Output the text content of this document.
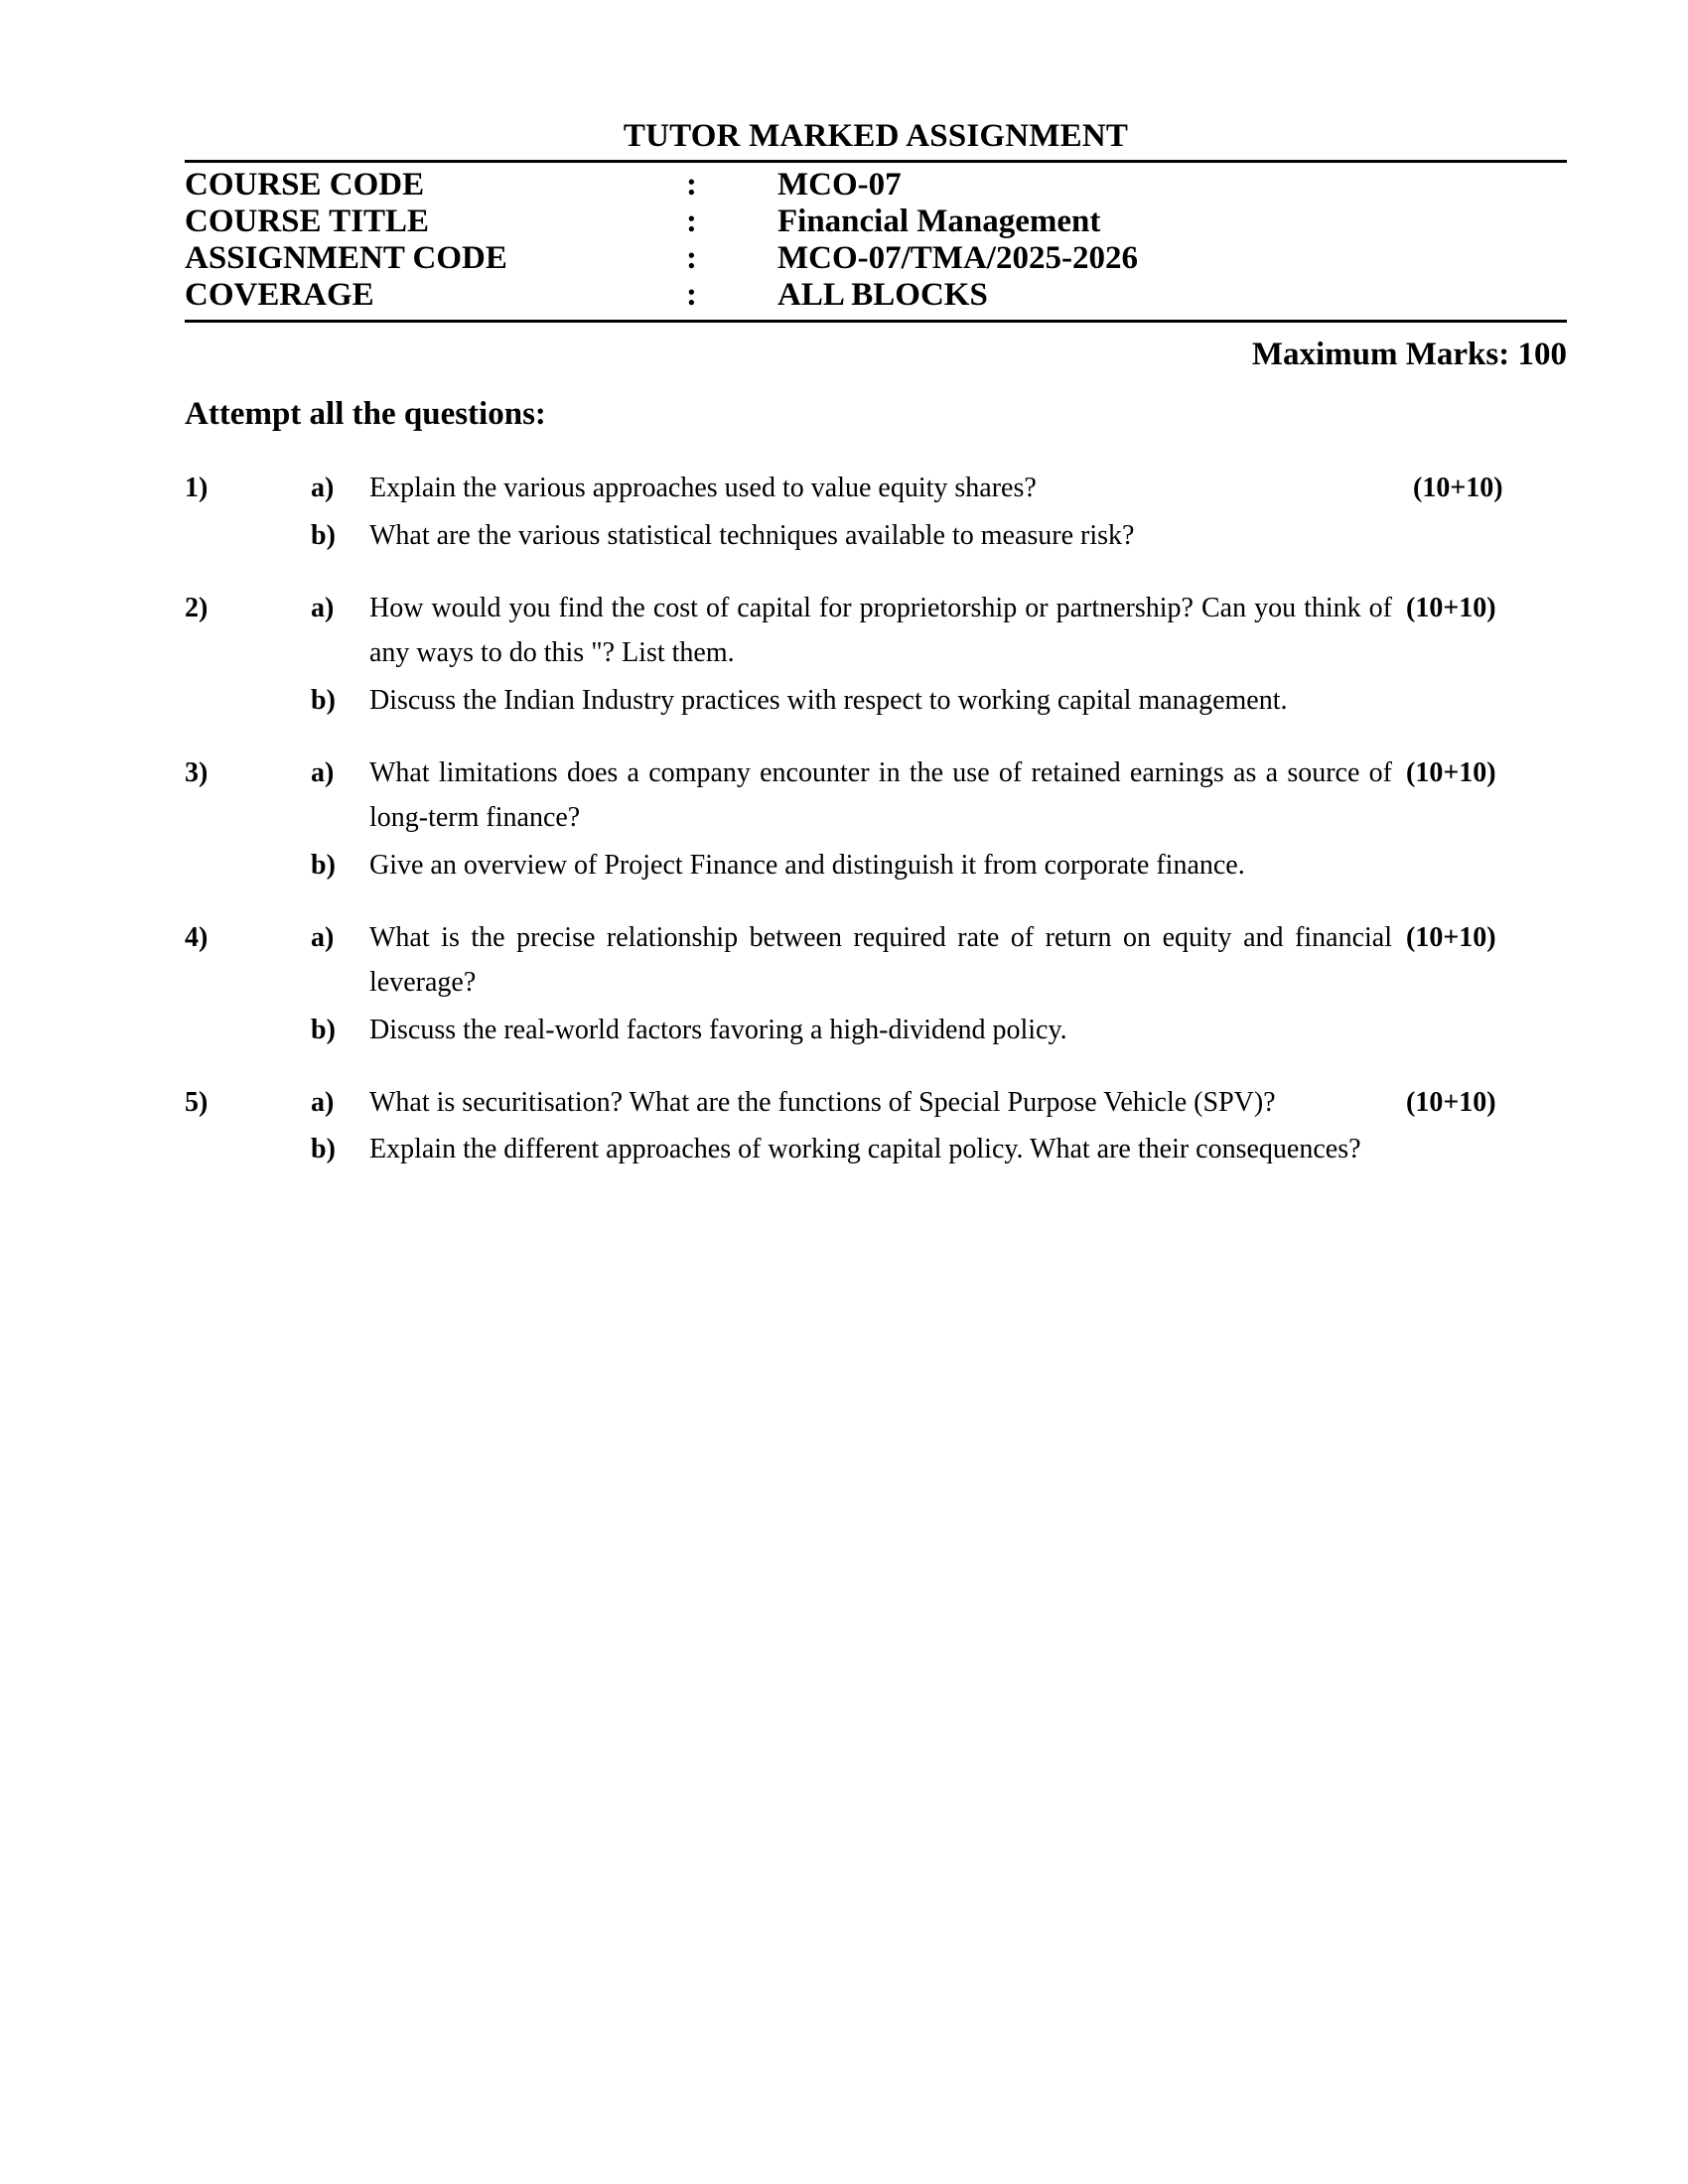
TUTOR MARKED ASSIGNMENT
COURSE CODE	:	MCO-07
COURSE TITLE	:	Financial Management
ASSIGNMENT CODE	:	MCO-07/TMA/2025-2026
COVERAGE	:	ALL BLOCKS
Maximum Marks: 100
Attempt all the questions:
1)	a)	Explain the various approaches used to value equity shares?	(10+10)
b)	What are the various statistical techniques available to measure risk?
2)	a)	How would you find the cost of capital for proprietorship or partnership? Can you think of any ways to do this "? List them.
(10+10)
b)	Discuss the Indian Industry practices with respect to working capital management.
3)	a)	What limitations does a company encounter in the use of retained earnings as a source of long-term finance?
(10+10)
b)	Give an overview of Project Finance and distinguish it from corporate finance.
4)	a)	What is the precise relationship between required rate of return on equity and financial leverage?
(10+10)
b)	Discuss the real-world factors favoring a high-dividend policy.
5)	a)	What is securitisation? What are the functions of Special Purpose Vehicle (SPV)?	(10+10)
b)	Explain the different approaches of working capital policy. What are their consequences?
